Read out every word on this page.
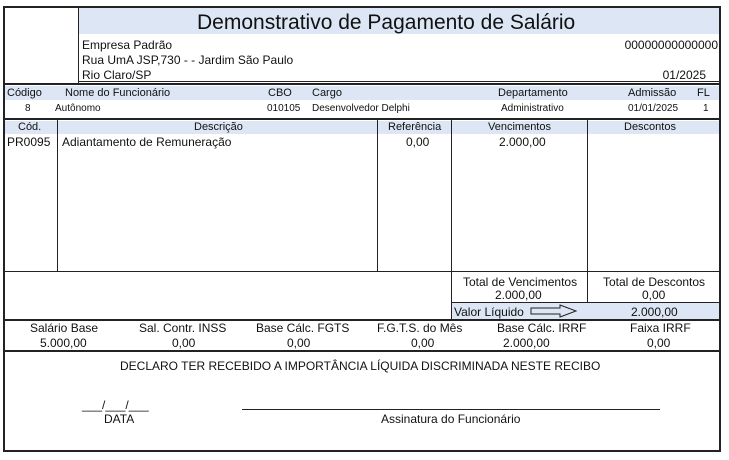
Demonstrativo de Pagamento de Salário
Empresa Padrão
Rua UmA JSP,730 - - Jardim São Paulo
Rio Claro/SP
00000000000000
01/2025
Código Nome do Funcionário	CBO Cargo	Departamento	Admissão FL
8 Autônomo	010105 Desenvolvedor Delphi	Administrativo	01/01/2025 1
Cód.	Descrição	Referência	Vencimentos	Descontos
PR0095 Adiantamento de Remuneração	0,00	2.000,00
Total de Vencimentos
2.000,00
Total de Descontos
0,00
Valor Líquido	2.000,00
Salário Base
5.000,00
Sal. Contr. INSS
0,00
Base Cálc. FGTS
0,00
F.G.T.S. do Mês
0,00
Base Cálc. IRRF
2.000,00
Faixa IRRF
0,00
DECLARO TER RECEBIDO A IMPORTÂNCIA LÍQUIDA DISCRIMINADA NESTE RECIBO
___/___/___
DATA	Assinatura do Funcionário
